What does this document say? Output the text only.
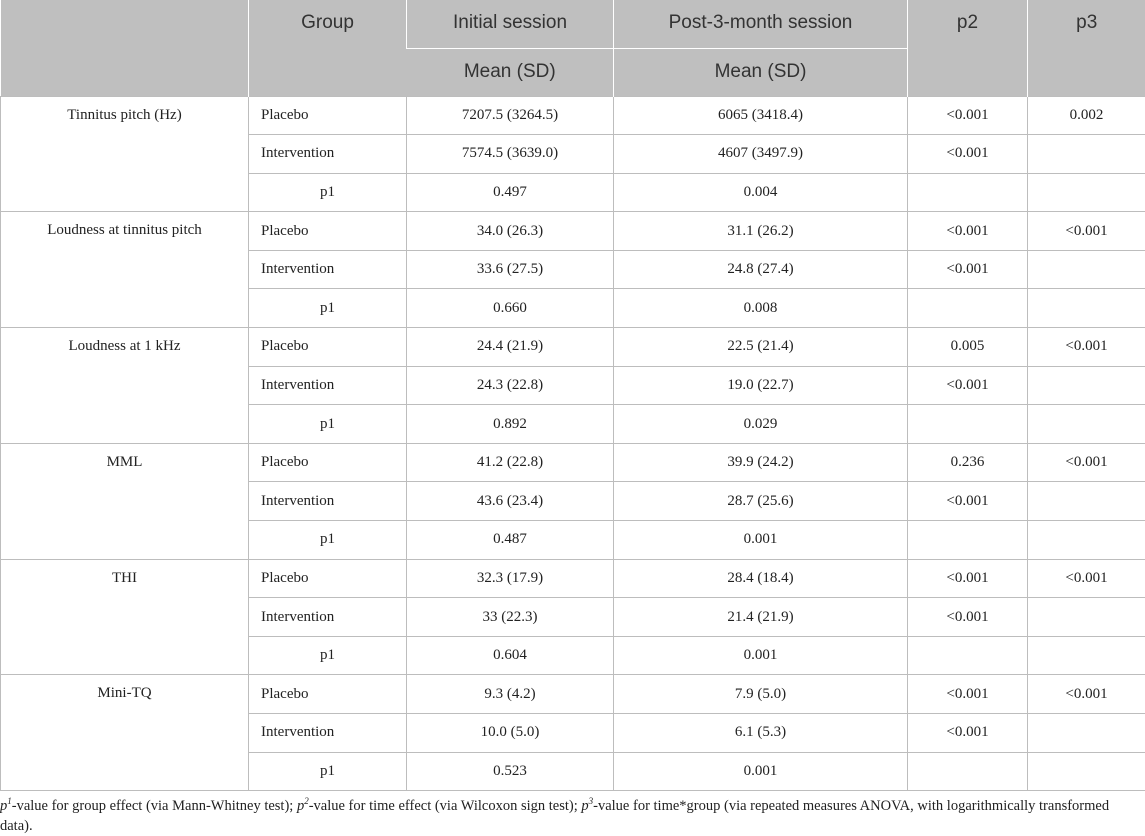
	Group	Initial session	Post-3-month session	p2	p3
		Mean (SD)	Mean (SD)		
Tinnitus pitch (Hz)	Placebo	7207.5 (3264.5)	6065 (3418.4)	<0.001	0.002
	Intervention	7574.5 (3639.0)	4607 (3497.9)	<0.001	
	p1	0.497	0.004		
Loudness at tinnitus pitch	Placebo	34.0 (26.3)	31.1 (26.2)	<0.001	<0.001
	Intervention	33.6 (27.5)	24.8 (27.4)	<0.001	
	p1	0.660	0.008		
Loudness at 1 kHz	Placebo	24.4 (21.9)	22.5 (21.4)	0.005	<0.001
	Intervention	24.3 (22.8)	19.0 (22.7)	<0.001	
	p1	0.892	0.029		
MML	Placebo	41.2 (22.8)	39.9 (24.2)	0.236	<0.001
	Intervention	43.6 (23.4)	28.7 (25.6)	<0.001	
	p1	0.487	0.001		
THI	Placebo	32.3 (17.9)	28.4 (18.4)	<0.001	<0.001
	Intervention	33 (22.3)	21.4 (21.9)	<0.001	
	p1	0.604	0.001		
Mini-TQ	Placebo	9.3 (4.2)	7.9 (5.0)	<0.001	<0.001
	Intervention	10.0 (5.0)	6.1 (5.3)	<0.001	
	p1	0.523	0.001		
$p^1$-value for group effect (via Mann-Whitney test); $p^2$-value for time effect (via Wilcoxon sign test); $p^3$-value for time*group (via repeated measures ANOVA, with logarithmically transformed data).
